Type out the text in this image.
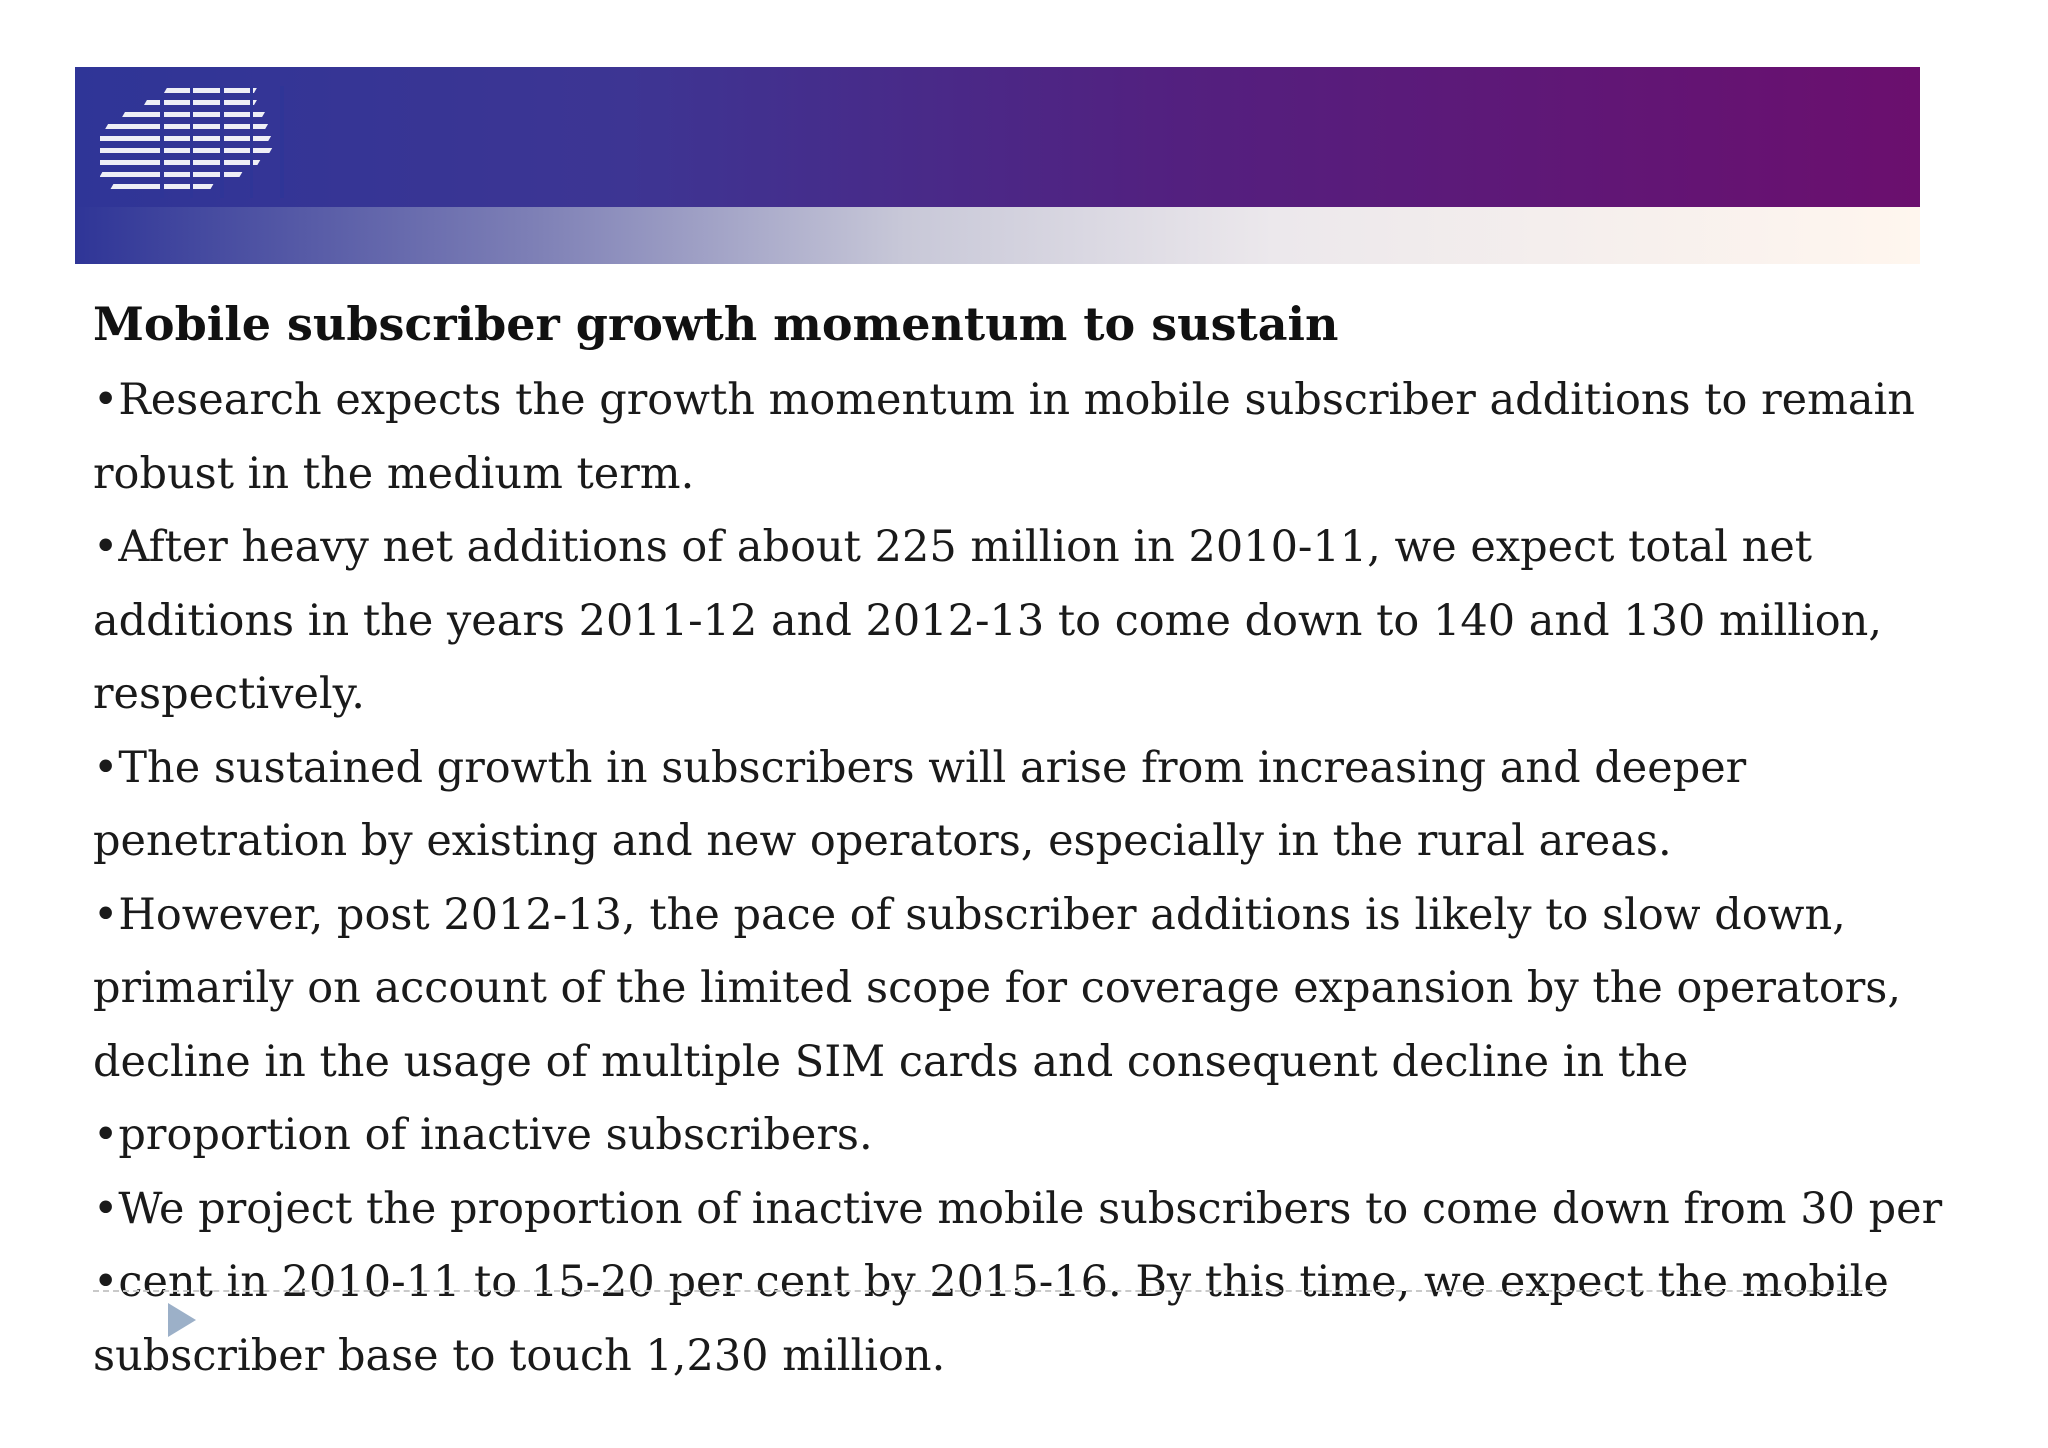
Mobile subscriber growth momentum to sustain
•Research expects the growth momentum in mobile subscriber additions to remain
robust in the medium term.
•After heavy net additions of about 225 million in 2010-11, we expect total net
additions in the years 2011-12 and 2012-13 to come down to 140 and 130 million,
respectively.
•The sustained growth in subscribers will arise from increasing and deeper
penetration by existing and new operators, especially in the rural areas.
•However, post 2012-13, the pace of subscriber additions is likely to slow down,
primarily on account of the limited scope for coverage expansion by the operators,
decline in the usage of multiple SIM cards and consequent decline in the
•proportion of inactive subscribers.
•We project the proportion of inactive mobile subscribers to come down from 30 per
•cent in 2010-11 to 15-20 per cent by 2015-16. By this time, we expect the mobile
subscriber base to touch 1,230 million.
